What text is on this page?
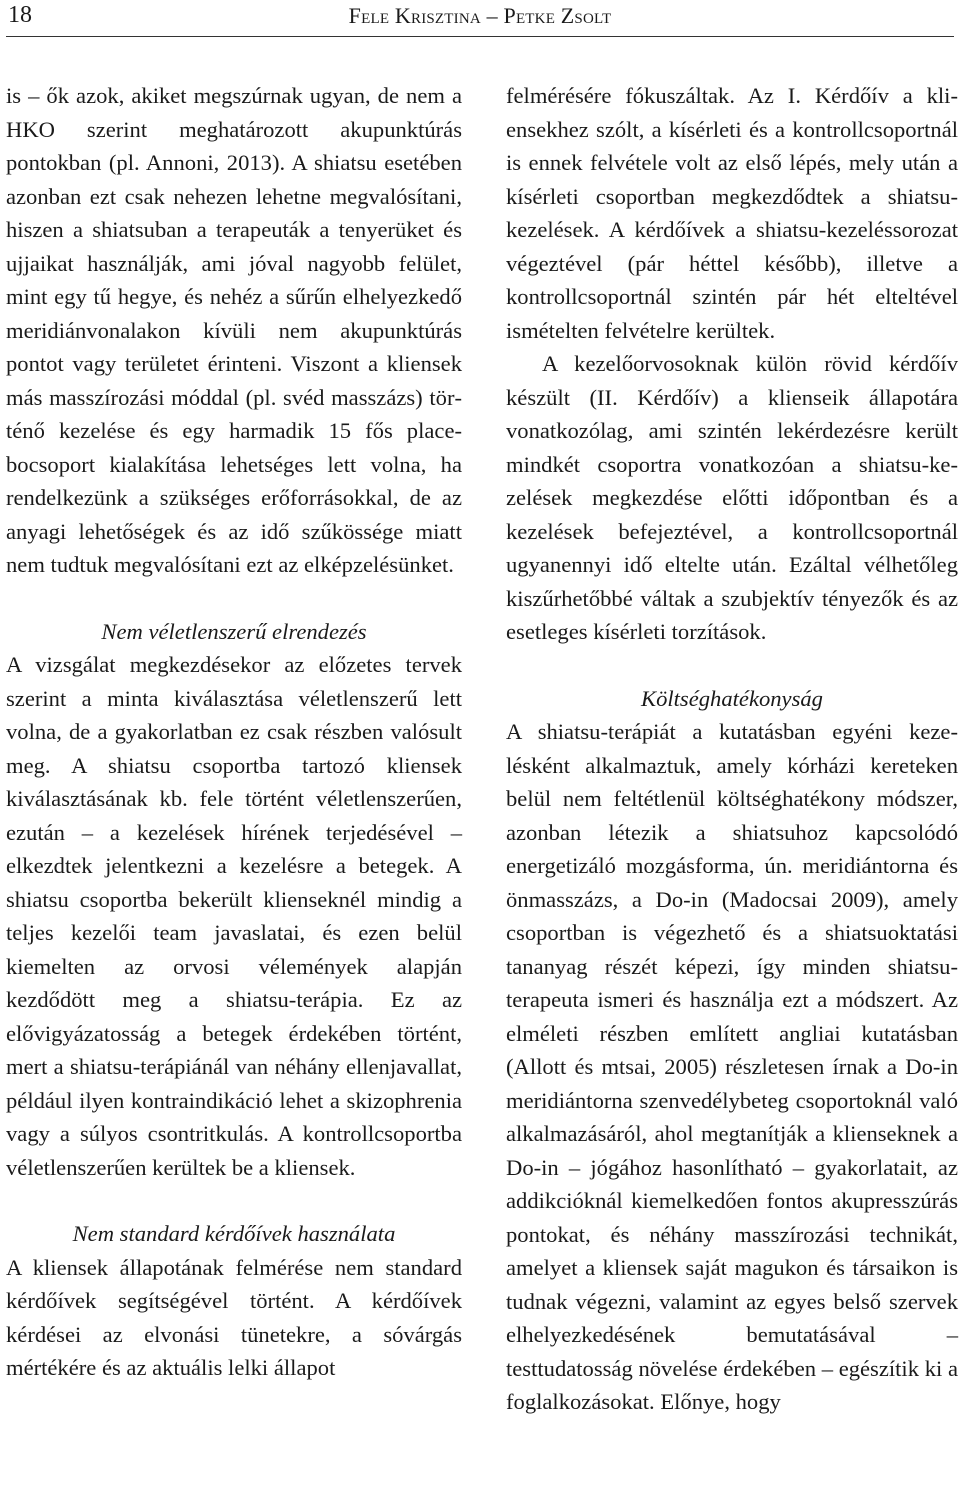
18	Fele Krisztina – Petke Zsolt

is – ők azok, akiket megszúrnak ugyan, de nem a HKO szerint meghatározott akupunktúrás pontokban (pl. Annoni, 2013). A shiatsu esetében azonban ezt csak nehezen lehetne megvalósítani, hiszen a shiatsuban a terapeuták a tenyerüket és ujjaikat használják, ami jóval nagyobb felület, mint egy tű hegye, és nehéz a sűrűn elhelyezkedő meridiánvonalakon kívüli nem akupunktúrás pontot vagy területet érinteni. Viszont a kliensek más masszírozási móddal (pl. svéd masszázs) történő kezelése és egy harmadik 15 fős placebocsoport kialakítása lehetséges lett volna, ha rendelkezünk a szükséges erőforrásokkal, de az anyagi lehetőségek és az idő szűkössége miatt nem tudtuk megvalósítani ezt az elképzelésünket.

Nem véletlenszerű elrendezés

A vizsgálat megkezdésekor az előzetes tervek szerint a minta kiválasztása véletlenszerű lett volna, de a gyakorlatban ez csak részben valósult meg. A shiatsu csoportba tartozó kliensek kiválasztásának kb. fele történt véletlenszerűen, ezután – a kezelések hírének terjedésével – elkezdtek jelentkezni a kezelésre a betegek. A shiatsu csoportba bekerült klienseknél mindig a teljes kezelői team javaslatai, és ezen belül kiemelten az orvosi vélemények alapján kezdődött meg a shiatsu-terápia. Ez az elővigyázatosság a betegek érdekében történt, mert a shiatsu-terápiánál van néhány ellenjavallat, például ilyen kontraindikáció lehet a skizophrenia vagy a súlyos csontritkulás. A kontrollcsoportba véletlenszerűen kerültek be a kliensek.

Nem standard kérdőívek használata

A kliensek állapotának felmérése nem standard kérdőívek segítségével történt. A kérdőívek kérdései az elvonási tünetekre, a sóvárgás mértékére és az aktuális lelki állapot

felmérésére fókuszáltak. Az I. Kérdőív a kliensekhez szólt, a kísérleti és a kontrollcsoportnál is ennek felvétele volt az első lépés, mely után a kísérleti csoportban megkezdődtek a shiatsu-kezelések. A kérdőívek a shiatsu-kezeléssorozat végeztével (pár héttel később), illetve a kontrollcsoportnál szintén pár hét elteltével ismételten felvételre kerültek.

A kezelőorvosoknak külön rövid kérdőív készült (II. Kérdőív) a klienseik állapotára vonatkozólag, ami szintén lekérdezésre került mindkét csoportra vonatkozóan a shiatsu-kezelések megkezdése előtti időpontban és a kezelések befejeztével, a kontrollcsoportnál ugyanennyi idő eltelte után. Ezáltal vélhetőleg kiszűrhetőbbé váltak a szubjektív tényezők és az esetleges kísérleti torzítások.

Költséghatékonyság

A shiatsu-terápiát a kutatásban egyéni kezelésként alkalmaztuk, amely kórházi kereteken belül nem feltétlenül költséghatékony módszer, azonban létezik a shiatsuhoz kapcsolódó energetizáló mozgásforma, ún. meridiántorna és önmasszázs, a Do-in (Madocsai 2009), amely csoportban is végezhető és a shiatsuoktatási tananyag részét képezi, így minden shiatsu-terapeuta ismeri és használja ezt a módszert. Az elméleti részben említett angliai kutatásban (Allott és mtsai, 2005) részletesen írnak a Do-in meridiántorna szenvedélybeteg csoportoknál való alkalmazásáról, ahol megtanítják a klienseknek a Do-in – jógához hasonlítható – gyakorlatait, az addikcióknál kiemelkedően fontos akupresszúrás pontokat, és néhány masszírozási technikát, amelyet a kliensek saját magukon és társaikon is tudnak végezni, valamint az egyes belső szervek elhelyezkedésének bemutatásával – testtudatosság növelése érdekében – egészítik ki a foglalkozásokat. Előnye, hogy
